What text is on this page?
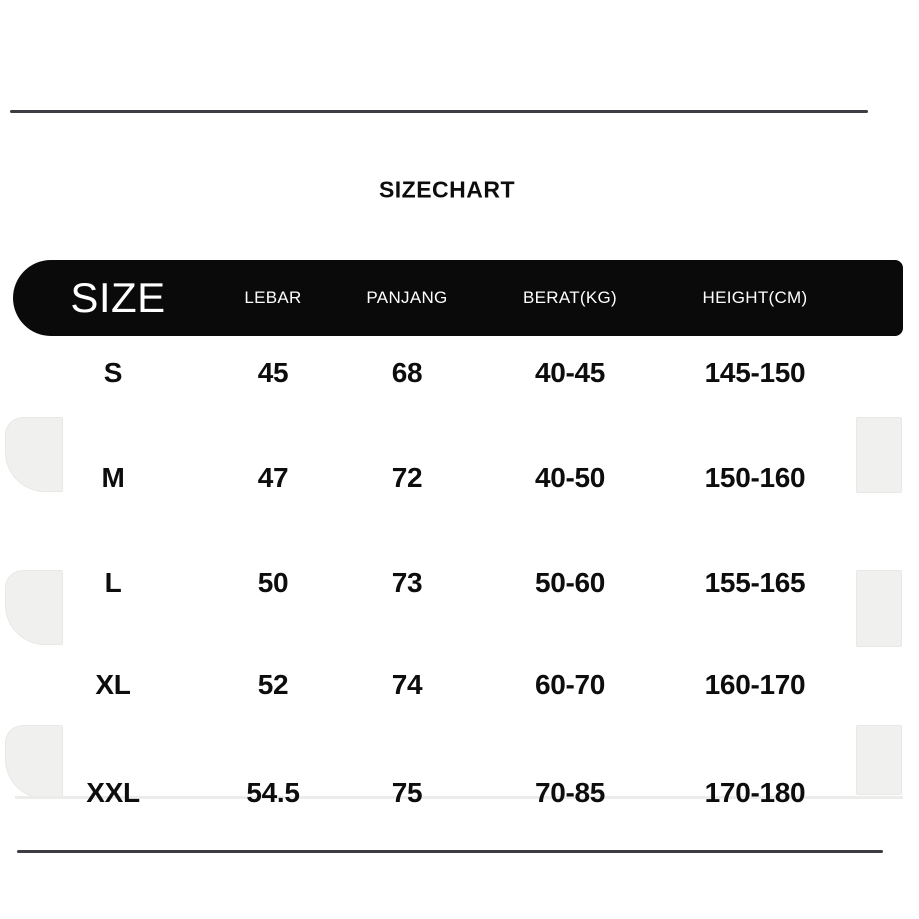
SIZECHART
SIZE	LEBAR	PANJANG	BERAT(KG)	HEIGHT(CM)
S	45	68	40-45	145-150
M	47	72	40-50	150-160
L	50	73	50-60	155-165
XL	52	74	60-70	160-170
XXL	54.5	75	70-85	170-180
